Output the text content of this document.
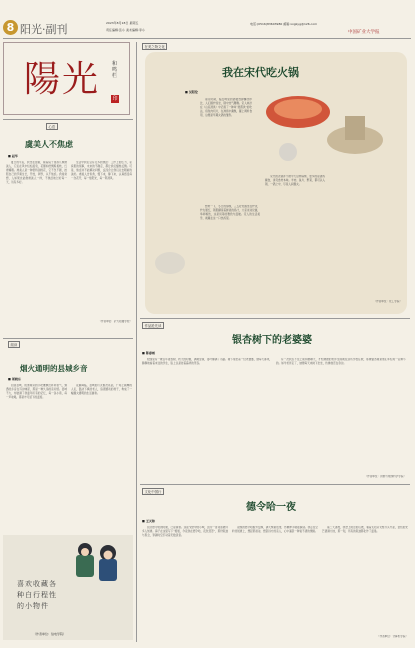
8 阳光·副刊	2023年8月18日 星期五
责任编辑:张小 美术编辑:李小
电话:(0516)83603980 邮箱:xxgkyg@126.com
中国矿业大学报
陽光 和鸣栏
印
心语
虞美人不焦虑
■ 赵华

夏日的午后，我坐在窗前，看着院子里那几株虞美人，它们在风中轻轻摇曳，花瓣如丝绸般柔软，红得耀眼。虞美人是一种很特别的花，它不急不躁，按照自己的节奏生长，开放，凋零，从不焦虑。我常常想，人如果也能像虞美人一样，不焦虑地过好每一天，该有多好。

生活中我们总有太多的焦虑：工作上的压力，家庭里的琐事，未来的不确定，都让我们辗转反侧。可是，焦虑并不能解决问题，反而会让我们失去眼前的美好。虞美人告诉我，慢下来，静下来，认真感受每一次花开，每一缕阳光，每一阵清风。

（作者单位：矿大附属学校）
阅读
烟火通明的县城乡音
■ 周晓东

回到县城，街道两旁的小吃摊飘出阵阵香气，熟悉的乡音在耳边响起，那是一种久违的亲切感。县城不大，却装满了我童年所有的记忆，每一条小巷，每一声吆喝，都是岁月留下的温度。

夜幕降临，县城的灯火渐次亮起，广场上跳舞的人们，路边下棋的老人，追逐嬉戏的孩子，构成了一幅烟火通明的生活画卷。

喜欢收藏各
种白行程性
的小物件
（作者单位：信电学院）
在美之物文化
我在宋代吃火锅
■ 吴阳伦

南宋时期，临安城里的酒楼食肆鳞次栉比，人们围炉而坐，锅中热气腾腾。宋人林洪在《山家清供》中记载了一种叫“拨霞供”的吃法，将兔肉切片，在沸汤中涮熟，蘸上调料食用，这便是早期火锅的雏形。

想象一下，冬日的傍晚，三五好友围坐在炉边，炉火通红，锅里翻滚着鲜美的汤汁，大家谈诗论画，举杯畅饮，这是何等的雅致与温暖。宋人的生活美学，就藏在这一口热汤里。

宋代的火锅并不像今天这样麻辣，更多的是清汤涮食，讲究食材本味。羊肉、鱼片、野菜，都可以入锅，一锅之中，尽是人间烟火。

（作者单位：化工学院）
作品抢先读
银杏树下的老婆婆
■ 陈春雨

校园里有一棵百年银杏树，秋天的时候，满树金黄，落叶铺满了小路。树下常坐着一位老婆婆，她每天都来，静静地看着来往的学生，脸上总是挂着慈祥的笑容。

有一次我忍不住上前和她聊天，才知道她的老伴生前就在这所学校任教，那棵银杏树是他们年轻时一起种下的。如今老伴走了，她便每天来树下坐坐，仿佛他还在身边。

（作者单位：资源与地球科学学院）
文化中国行
德令哈一夜
■ 王天帅

到达德令哈的时候，已是黄昏。这座戈壁中的小城，因为一首诗而被许多人知道。海子在这里写下“姐姐，今夜我在德令哈，夜色笼罩”，那份孤独与思念，穿越时空打动着无数读者。

夜晚的德令哈格外安静，满天繁星低垂，仿佛伸手就能摘到。我走在空旷的街道上，想起那首诗，想起远方的亲人，心中涌起一种说不清的情绪。

第二天清晨，我登上附近的山坡，看着太阳从戈壁尽头升起，金色的光芒洒满大地，那一刻，所有的孤独都化作了温柔。

（作者单位：计算机学院）
